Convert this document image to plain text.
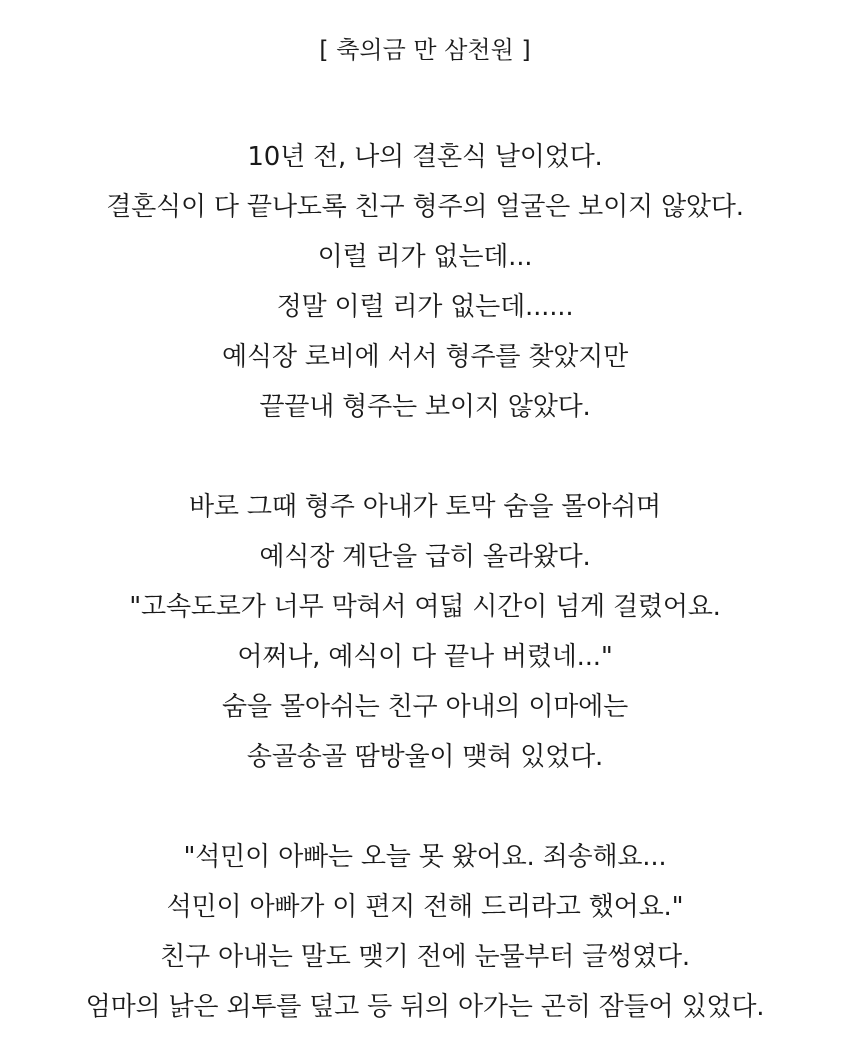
[ 축의금 만 삼천원 ]
10년 전, 나의 결혼식 날이었다.
결혼식이 다 끝나도록 친구 형주의 얼굴은 보이지 않았다.
이럴 리가 없는데...
정말 이럴 리가 없는데......
예식장 로비에 서서 형주를 찾았지만
끝끝내 형주는 보이지 않았다.
바로 그때 형주 아내가 토막 숨을 몰아쉬며
예식장 계단을 급히 올라왔다.
"고속도로가 너무 막혀서 여덟 시간이 넘게 걸렸어요.
어쩌나, 예식이 다 끝나 버렸네..."
숨을 몰아쉬는 친구 아내의 이마에는
송골송골 땀방울이 맺혀 있었다.
"석민이 아빠는 오늘 못 왔어요. 죄송해요...
석민이 아빠가 이 편지 전해 드리라고 했어요."
친구 아내는 말도 맺기 전에 눈물부터 글썽였다.
엄마의 낡은 외투를 덮고 등 뒤의 아가는 곤히 잠들어 있었다.
